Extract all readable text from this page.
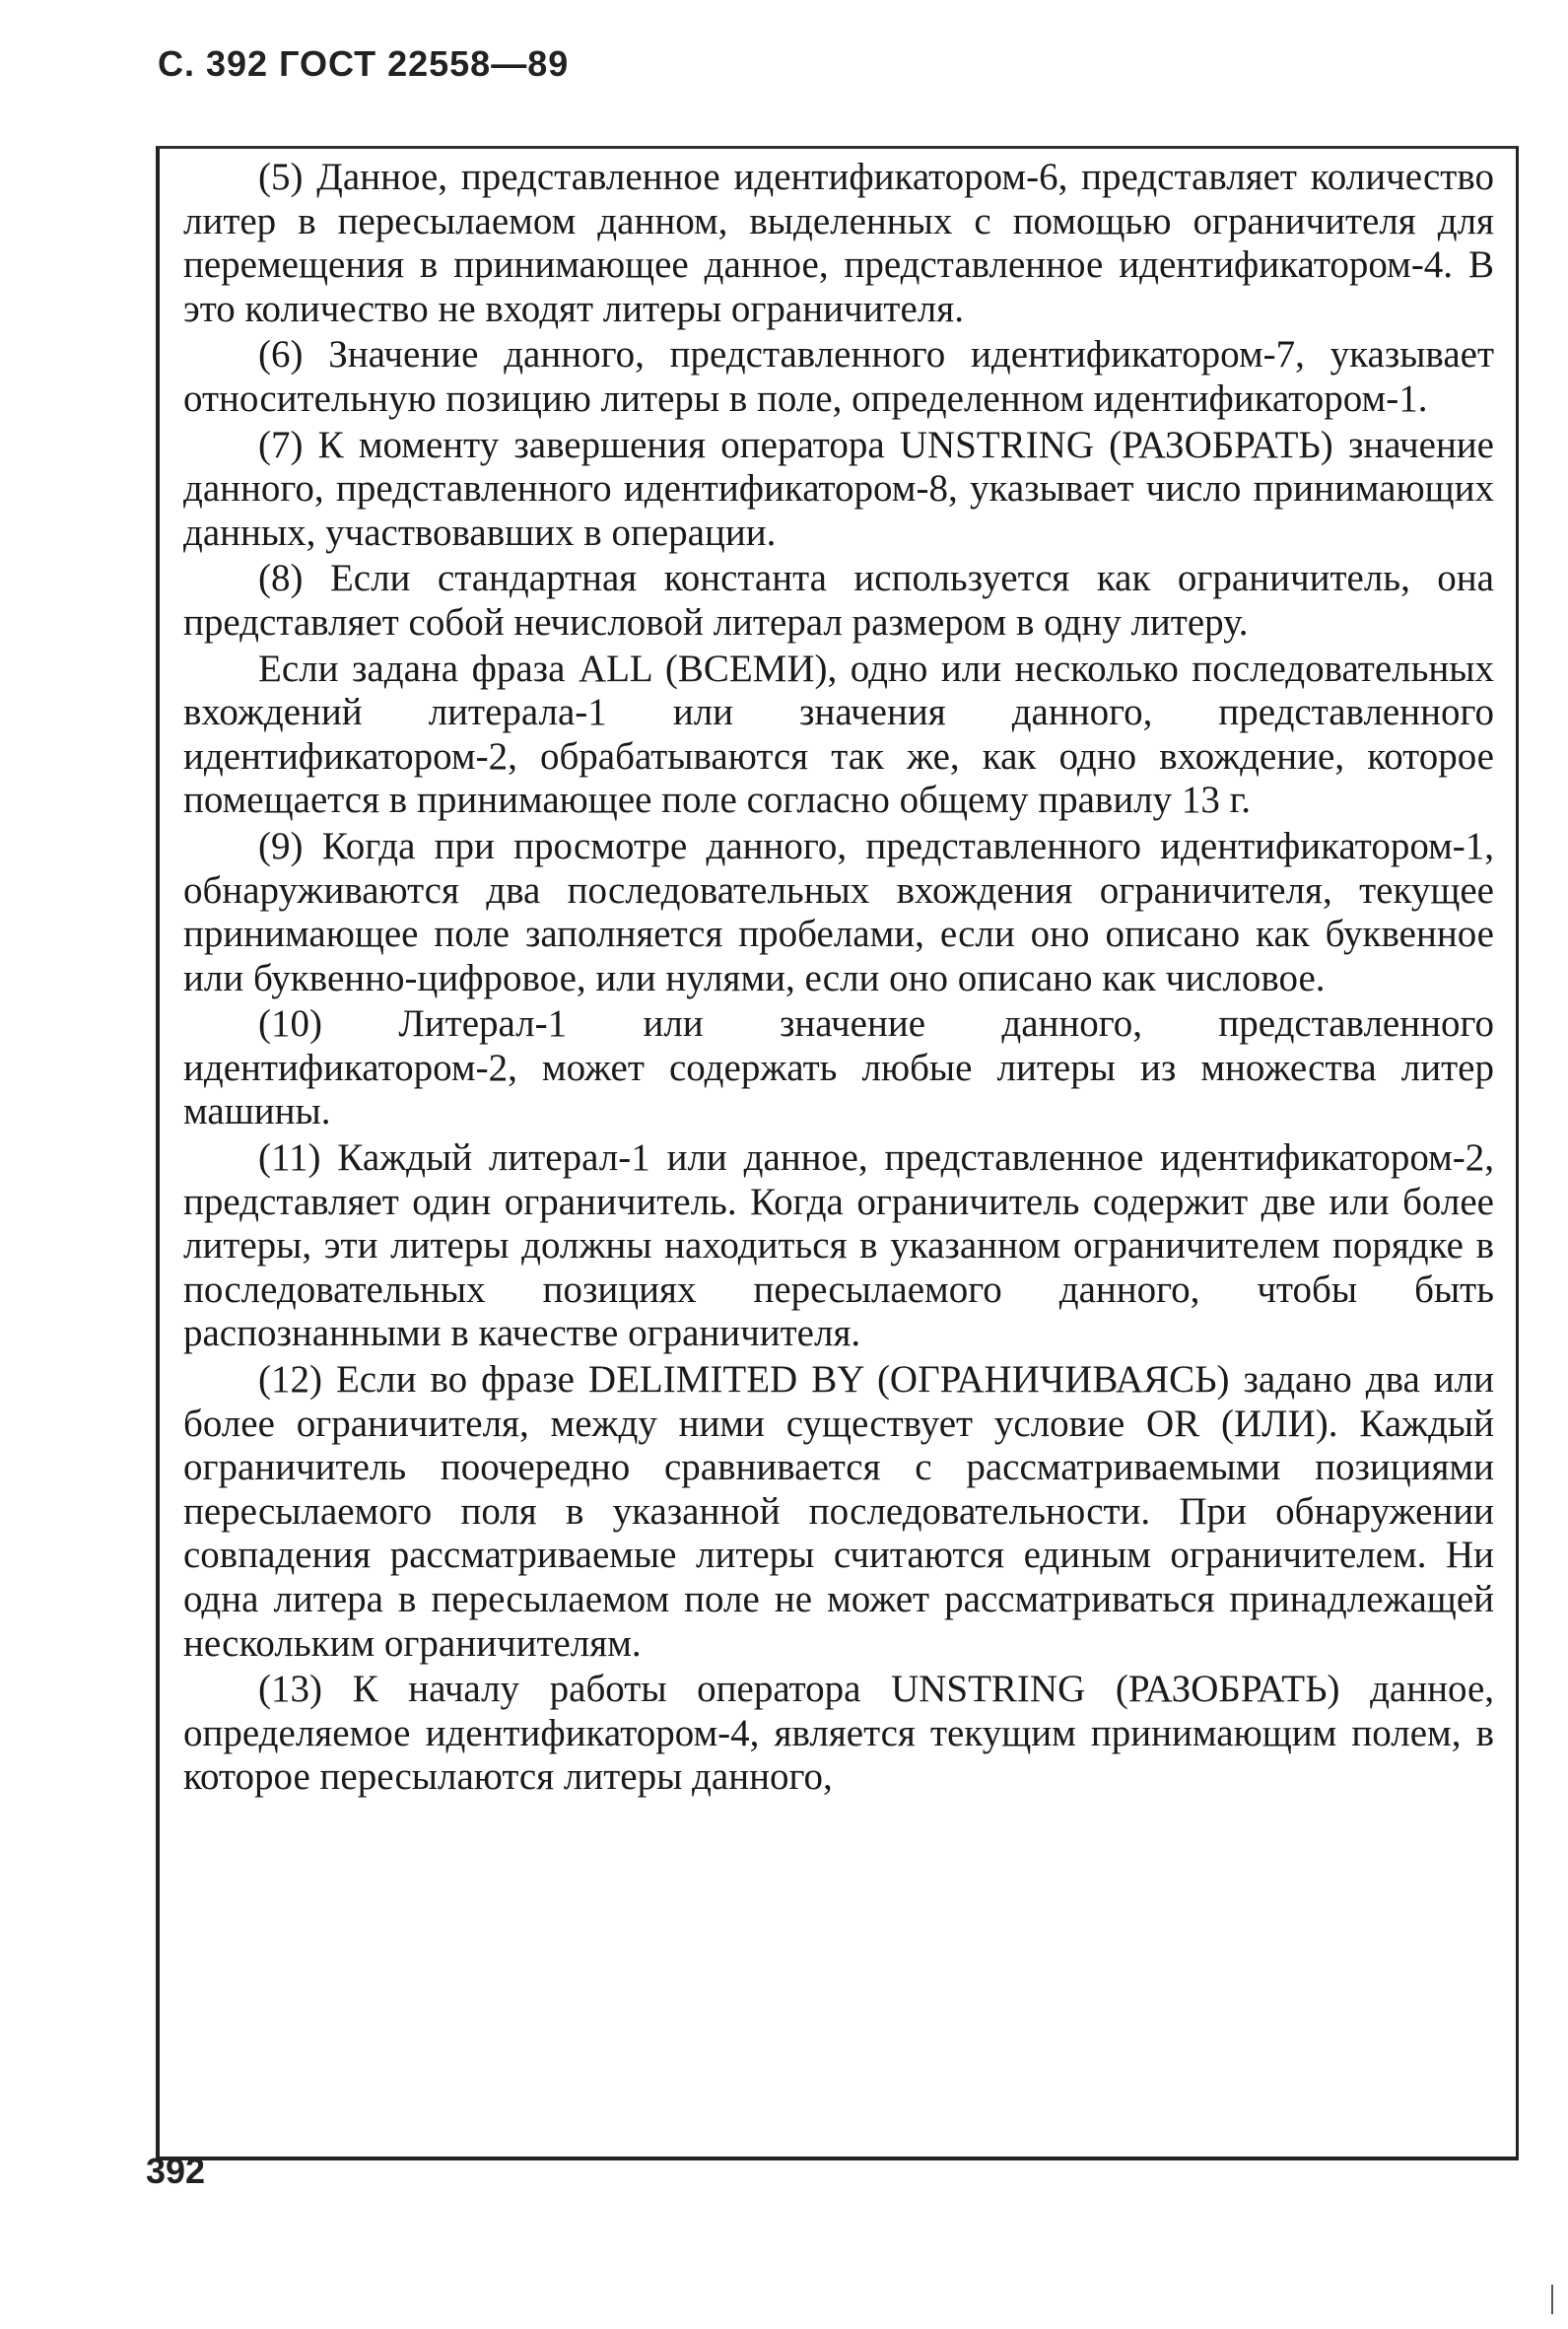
С. 392 ГОСТ 22558—89

(5) Данное, представленное идентификатором-6, представляет количество литер в пересылаемом данном, выделенных с помощью ограничителя для перемещения в принимающее данное, представленное идентификатором-4. В это количество не входят литеры ограничителя.

(6) Значение данного, представленного идентификатором-7, указывает относительную позицию литеры в поле, определенном идентификатором-1.

(7) К моменту завершения оператора UNSTRING (РАЗОБРАТЬ) значение данного, представленного идентификатором-8, указывает число принимающих данных, участвовавших в операции.

(8) Если стандартная константа используется как ограничитель, она представляет собой нечисловой литерал размером в одну литеру.

Если задана фраза ALL (ВСЕМИ), одно или несколько последовательных вхождений литерала-1 или значения данного, представленного идентификатором-2, обрабатываются так же, как одно вхождение, которое помещается в принимающее поле согласно общему правилу 13 г.

(9) Когда при просмотре данного, представленного идентификатором-1, обнаруживаются два последовательных вхождения ограничителя, текущее принимающее поле заполняется пробелами, если оно описано как буквенное или буквенно-цифровое, или нулями, если оно описано как числовое.

(10) Литерал-1 или значение данного, представленного идентификатором-2, может содержать любые литеры из множества литер машины.

(11) Каждый литерал-1 или данное, представленное идентификатором-2, представляет один ограничитель. Когда ограничитель содержит две или более литеры, эти литеры должны находиться в указанном ограничителем порядке в последовательных позициях пересылаемого данного, чтобы быть распознанными в качестве ограничителя.

(12) Если во фразе DELIMITED BY (ОГРАНИЧИВАЯСЬ) задано два или более ограничителя, между ними существует условие OR (ИЛИ). Каждый ограничитель поочередно сравнивается с рассматриваемыми позициями пересылаемого поля в указанной последовательности. При обнаружении совпадения рассматриваемые литеры считаются единым ограничителем. Ни одна литера в пересылаемом поле не может рассматриваться принадлежащей нескольким ограничителям.

(13) К началу работы оператора UNSTRING (РАЗОБРАТЬ) данное, определяемое идентификатором-4, является текущим принимающим полем, в которое пересылаются литеры данного,

392
